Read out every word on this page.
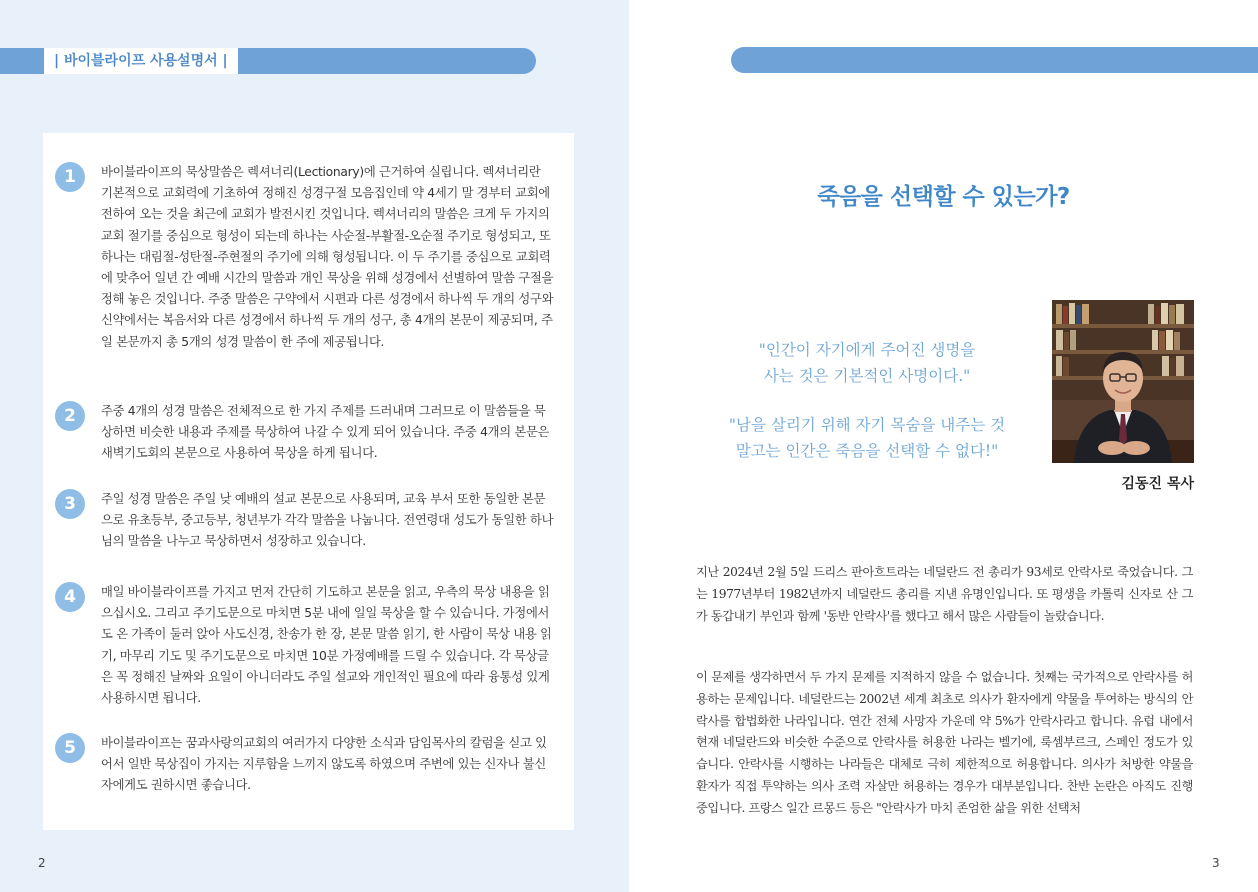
| 바이블라이프 사용설명서 |
1	바이블라이프의 묵상말씀은 렉셔너리(Lectionary)에 근거하여 실립니다. 렉셔너리란 기본적으로 교회력에 기초하여 정해진 성경구절 모음집인데 약 4세기 말 경부터 교회에 전하여 오는 것을 최근에 교회가 발전시킨 것입니다. 렉셔너리의 말씀은 크게 두 가지의 교회 절기를 중심으로 형성이 되는데 하나는 사순절-부활절-오순절 주기로 형성되고, 또 하나는 대림절-성탄절-주현절의 주기에 의해 형성됩니다. 이 두 주기를 중심으로 교회력에 맞추어 일년 간 예배 시간의 말씀과 개인 묵상을 위해 성경에서 선별하여 말씀 구절을 정해 놓은 것입니다. 주중 말씀은 구약에서 시편과 다른 성경에서 하나씩 두 개의 성구와신약에서는 복음서와 다른 성경에서 하나씩 두 개의 성구, 총 4개의 본문이 제공되며, 주일 본문까지 총 5개의 성경 말씀이 한 주에 제공됩니다.
2	주중 4개의 성경 말씀은 전체적으로 한 가지 주제를 드러내며 그러므로 이 말씀들을 묵상하면 비슷한 내용과 주제를 묵상하여 나갈 수 있게 되어 있습니다. 주중 4개의 본문은 새벽기도회의 본문으로 사용하여 묵상을 하게 됩니다.
3	주일 성경 말씀은 주일 낮 예배의 설교 본문으로 사용되며, 교육 부서 또한 동일한 본문으로 유초등부, 중고등부, 청년부가 각각 말씀을 나눕니다. 전연령대 성도가 동일한 하나님의 말씀을 나누고 묵상하면서 성장하고 있습니다.
4	매일 바이블라이프를 가지고 먼저 간단히 기도하고 본문을 읽고, 우측의 묵상 내용을 읽으십시오. 그리고 주기도문으로 마치면 5분 내에 일일 묵상을 할 수 있습니다. 가정에서도 온 가족이 둘러 앉아 사도신경, 찬송가 한 장, 본문 말씀 읽기, 한 사람이 묵상 내용 읽기, 마무리 기도 및 주기도문으로 마치면 10분 가정예배를 드릴 수 있습니다. 각 묵상글은 꼭 정해진 날짜와 요일이 아니더라도 주일 설교와 개인적인 필요에 따라 융통성 있게 사용하시면 됩니다.
5	바이블라이프는 꿈과사랑의교회의 여러가지 다양한 소식과 담임목사의 칼럼을 싣고 있어서 일반 묵상집이 가지는 지루함을 느끼지 않도록 하였으며 주변에 있는 신자나 불신자에게도 권하시면 좋습니다.
2
죽음을 선택할 수 있는가?
"인간이 자기에게 주어진 생명을
사는 것은 기본적인 사명이다."
"남을 살리기 위해 자기 목숨을 내주는 것
말고는 인간은 죽음을 선택할 수 없다!"
김동진 목사
지난 2024년 2월 5일 드리스 판아흐트라는 네덜란드 전 총리가 93세로 안락사로 죽었습니다. 그는 1977년부터 1982년까지 네덜란드 총리를 지낸 유명인입니다. 또 평생을 카톨릭 신자로 산 그가 동갑내기 부인과 함께 '동반 안락사'를 했다고 해서 많은 사람들이 놀랐습니다.
이 문제를 생각하면서 두 가지 문제를 지적하지 않을 수 없습니다. 첫째는 국가적으로 안락사를 허용하는 문제입니다. 네덜란드는 2002년 세계 최초로 의사가 환자에게 약물을 투여하는 방식의 안락사를 합법화한 나라입니다. 연간 전체 사망자 가운데 약 5%가 안락사라고 합니다. 유럽 내에서 현재 네덜란드와 비슷한 수준으로 안락사를 허용한 나라는 벨기에, 룩셈부르크, 스페인 정도가 있습니다. 안락사를 시행하는 나라들은 대체로 극히 제한적으로 허용합니다. 의사가 처방한 약물을 환자가 직접 투약하는 의사 조력 자살만 허용하는 경우가 대부분입니다. 찬반 논란은 아직도 진행 중입니다. 프랑스 일간 르몽드 등은 "안락사가 마치 존엄한 삶을 위한 선택처
3
